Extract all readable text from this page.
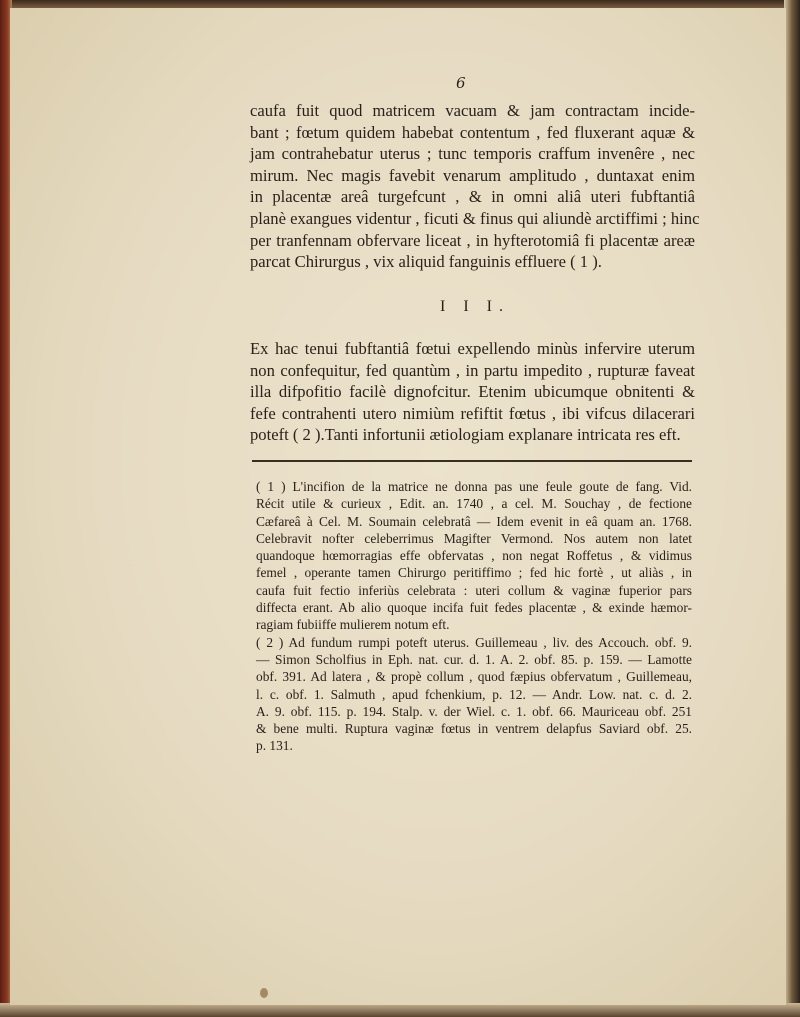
6
caufa fuit quod matricem vacuam & jam contractam incide-
bant ; fœtum quidem habebat contentum , fed fluxerant aquæ &
jam contrahebatur uterus ; tunc temporis craffum invenêre , nec
mirum. Nec magis favebit venarum amplitudo , duntaxat enim
in placentæ areâ turgefcunt , & in omni aliâ uteri fubftantiâ
planè exangues videntur , ficuti & finus qui aliundè arctiffimi ; hinc
per tranfennam obfervare liceat , in hyfterotomiâ fi placentæ areæ
parcat Chirurgus , vix aliquid fanguinis effluere ( 1 ).
I I I.
Ex hac tenui fubftantiâ fœtui expellendo minùs infervire uterum
non confequitur, fed quantùm , in partu impedito , rupturæ faveat
illa difpofitio facilè dignofcitur. Etenim ubicumque obnitenti &
fefe contrahenti utero nimiùm refiftit fœtus , ibi vifcus dilacerari
poteft ( 2 ).Tanti infortunii ætiologiam explanare intricata res eft.
( 1 ) L'incifion de la matrice ne donna pas une feule goute de fang. Vid.
Récit utile & curieux , Edit. an. 1740 , a cel. M. Souchay , de fectione
Cæfareâ à Cel. M. Soumain celebratâ — Idem evenit in eâ quam an. 1768.
Celebravit nofter celeberrimus Magifter Vermond. Nos autem non latet
quandoque hœmorragias effe obfervatas , non negat Roffetus , & vidimus
femel , operante tamen Chirurgo peritiffimo ; fed hic fortè , ut aliàs , in
caufa fuit fectio inferiùs celebrata : uteri collum & vaginæ fuperior pars
diffecta erant. Ab alio quoque incifa fuit fedes placentæ , & exinde hæmor-
ragiam fubiiffe mulierem notum eft.
( 2 ) Ad fundum rumpi poteft uterus. Guillemeau , liv. des Accouch. obf. 9.
— Simon Scholfius in Eph. nat. cur. d. 1. A. 2. obf. 85. p. 159. — Lamotte
obf. 391. Ad latera , & propè collum , quod fæpius obfervatum , Guillemeau,
l. c. obf. 1. Salmuth , apud fchenkium, p. 12. — Andr. Low. nat. c. d. 2.
A. 9. obf. 115. p. 194. Stalp. v. der Wiel. c. 1. obf. 66. Mauriceau obf. 251
& bene multi. Ruptura vaginæ fœtus in ventrem delapfus Saviard obf. 25.
p. 131.
